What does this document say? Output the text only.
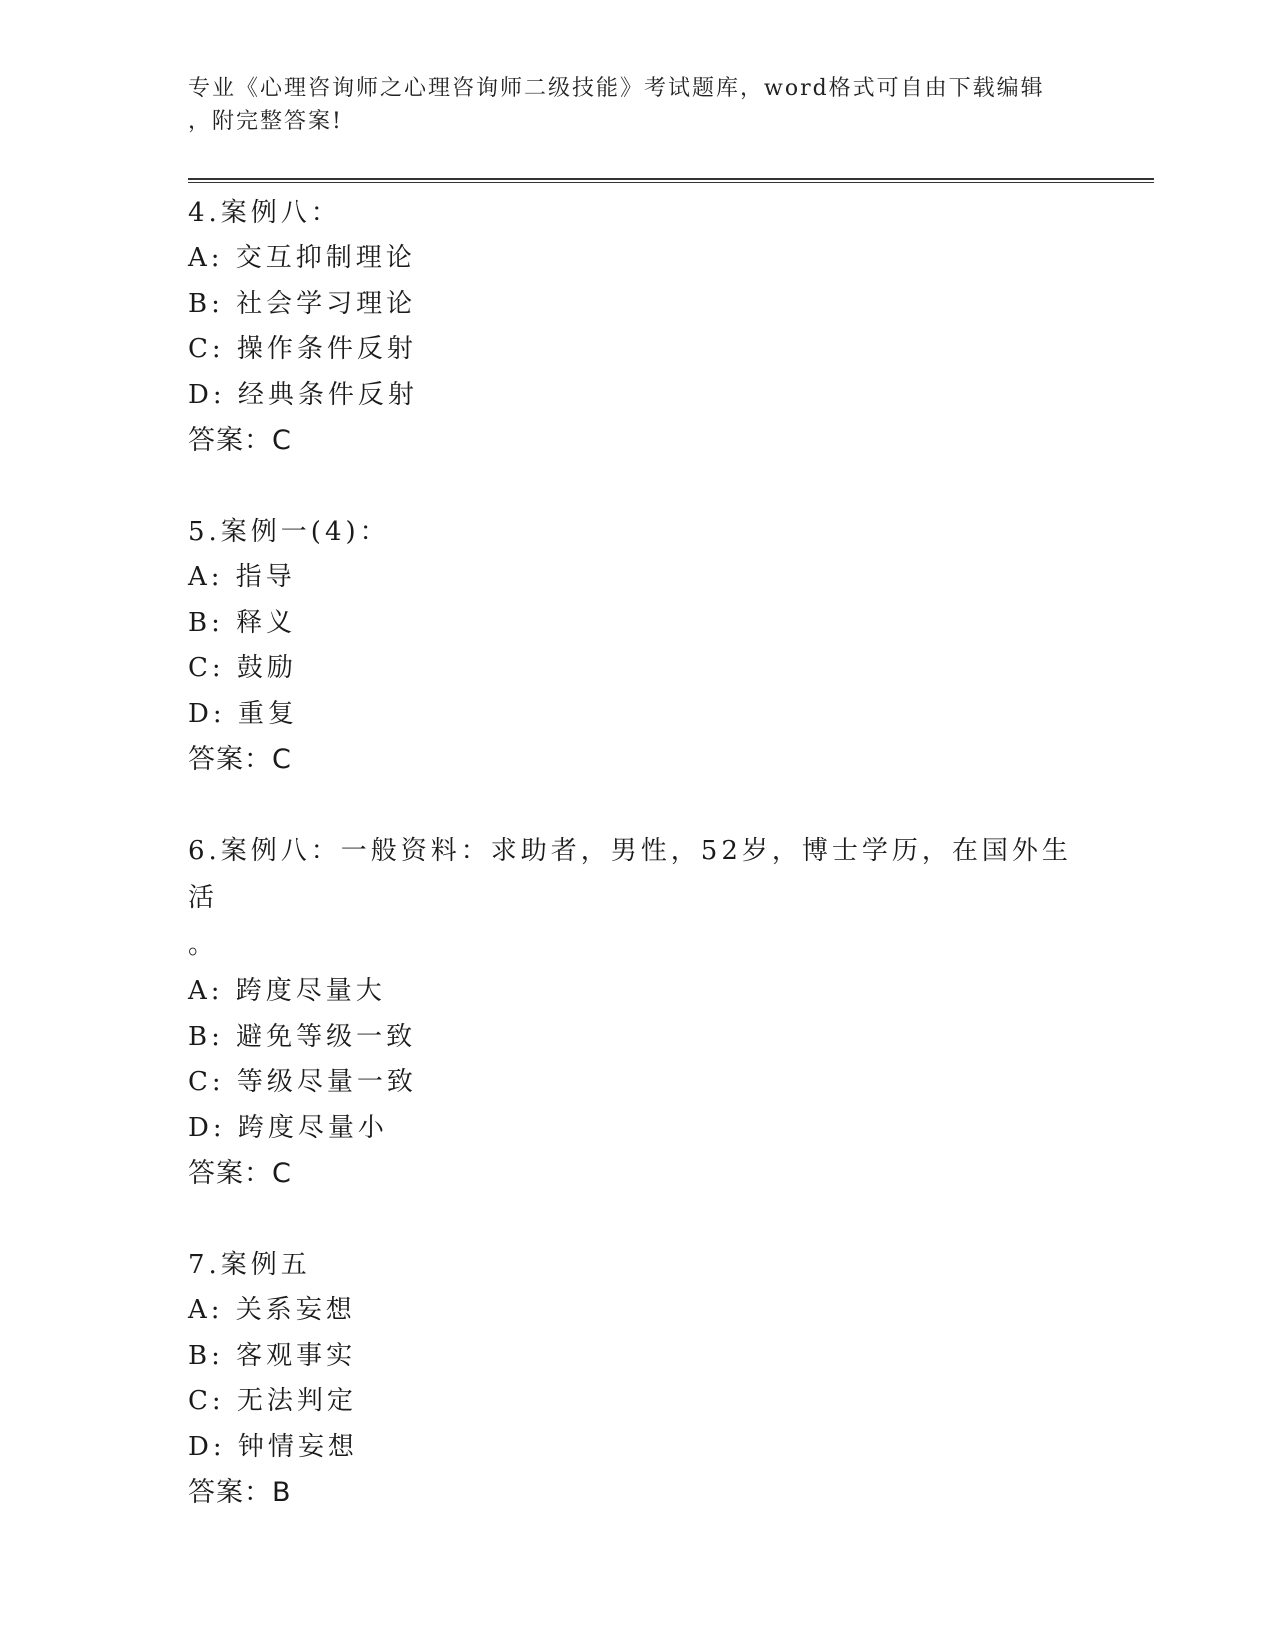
专业《心理咨询师之心理咨询师二级技能》考试题库，word格式可自由下载编辑
，附完整答案!
4.案例八：
A: 交互抑制理论
B: 社会学习理论
C: 操作条件反射
D: 经典条件反射
答案：C
5.案例一(4)：
A: 指导
B: 释义
C: 鼓励
D: 重复
答案：C
6.案例八：一般资料：求助者，男性，52岁，博士学历，在国外生活
。
A: 跨度尽量大
B: 避免等级一致
C: 等级尽量一致
D: 跨度尽量小
答案：C
7.案例五
A: 关系妄想
B: 客观事实
C: 无法判定
D: 钟情妄想
答案：B
